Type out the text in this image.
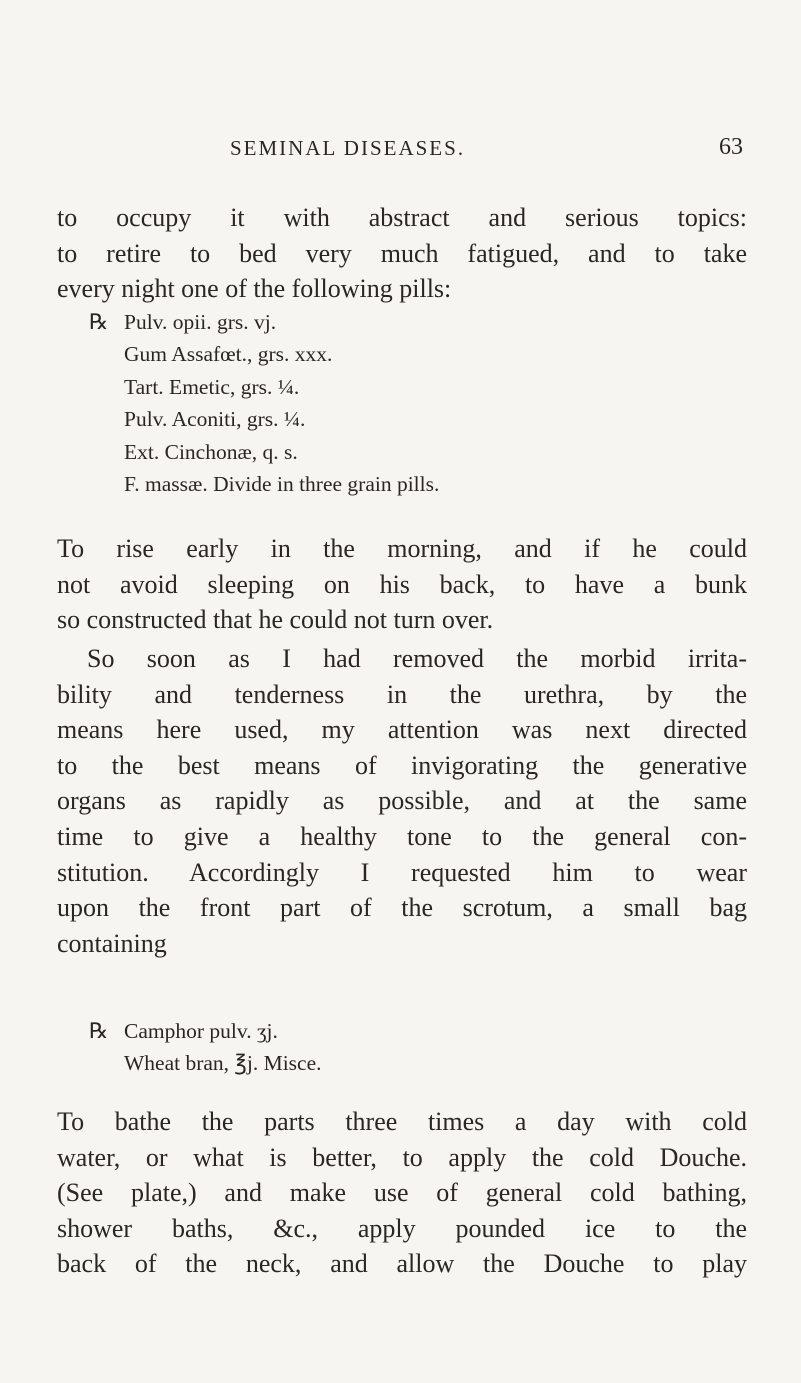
SEMINAL DISEASES.	63
to occupy it with abstract and serious topics:
to retire to bed very much fatigued, and to take
every night one of the following pills:
℞ Pulv. opii. grs. vj.
Gum Assafœt., grs. xxx.
Tart. Emetic, grs. ¼.
Pulv. Aconiti, grs. ¼.
Ext. Cinchonæ, q. s.
F. massæ. Divide in three grain pills.
To rise early in the morning, and if he could
not avoid sleeping on his back, to have a bunk
so constructed that he could not turn over.
So soon as I had removed the morbid irrita-
bility and tenderness in the urethra, by the
means here used, my attention was next directed
to the best means of invigorating the generative
organs as rapidly as possible, and at the same
time to give a healthy tone to the general con-
stitution. Accordingly I requested him to wear
upon the front part of the scrotum, a small bag
containing
℞ Camphor pulv. ʒj.
Wheat bran, ℥j. Misce.
To bathe the parts three times a day with cold
water, or what is better, to apply the cold Douche.
(See plate,) and make use of general cold bathing,
shower baths, &c., apply pounded ice to the
back of the neck, and allow the Douche to play
